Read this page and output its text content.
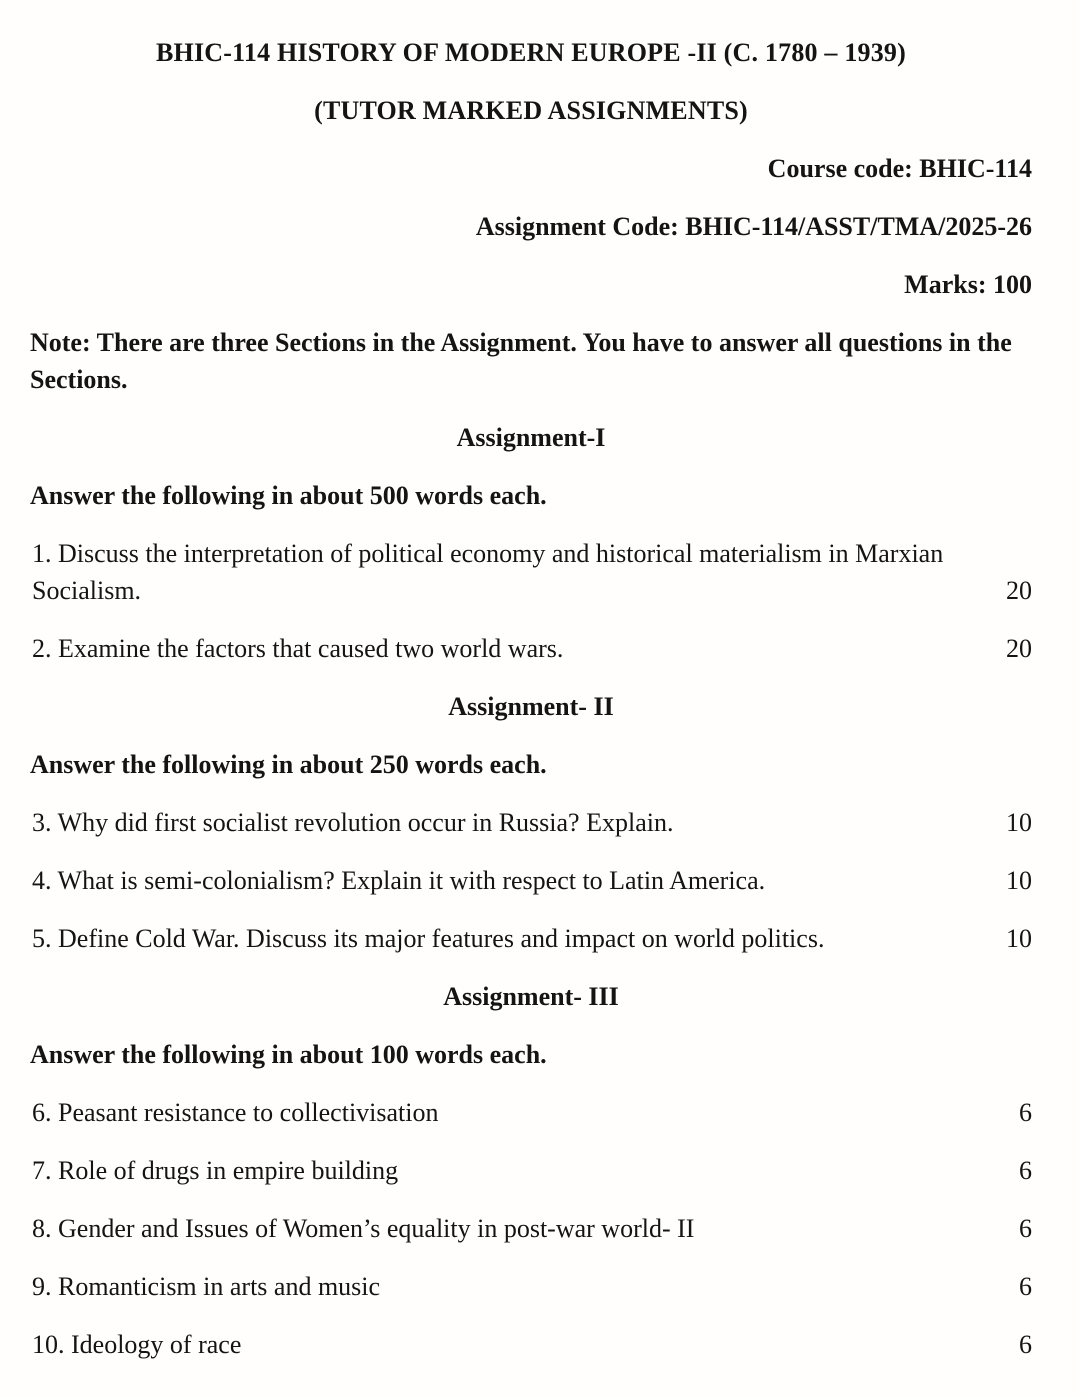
BHIC-114 HISTORY OF MODERN EUROPE -II (C. 1780 – 1939)
(TUTOR MARKED ASSIGNMENTS)

Course code: BHIC-114

Assignment Code: BHIC-114/ASST/TMA/2025-26

Marks: 100

Note: There are three Sections in the Assignment. You have to answer all questions in the Sections.

Assignment-I

Answer the following in about 500 words each.

1. Discuss the interpretation of political economy and historical materialism in Marxian Socialism.	20
2. Examine the factors that caused two world wars.	20
Assignment- II

Answer the following in about 250 words each.

3. Why did first socialist revolution occur in Russia? Explain.	10
4. What is semi-colonialism? Explain it with respect to Latin America.	10
5. Define Cold War. Discuss its major features and impact on world politics.	10
Assignment- III

Answer the following in about 100 words each.

6. Peasant resistance to collectivisation	6
7. Role of drugs in empire building	6
8. Gender and Issues of Women’s equality in post-war world- II	6
9. Romanticism in arts and music	6
10. Ideology of race	6
